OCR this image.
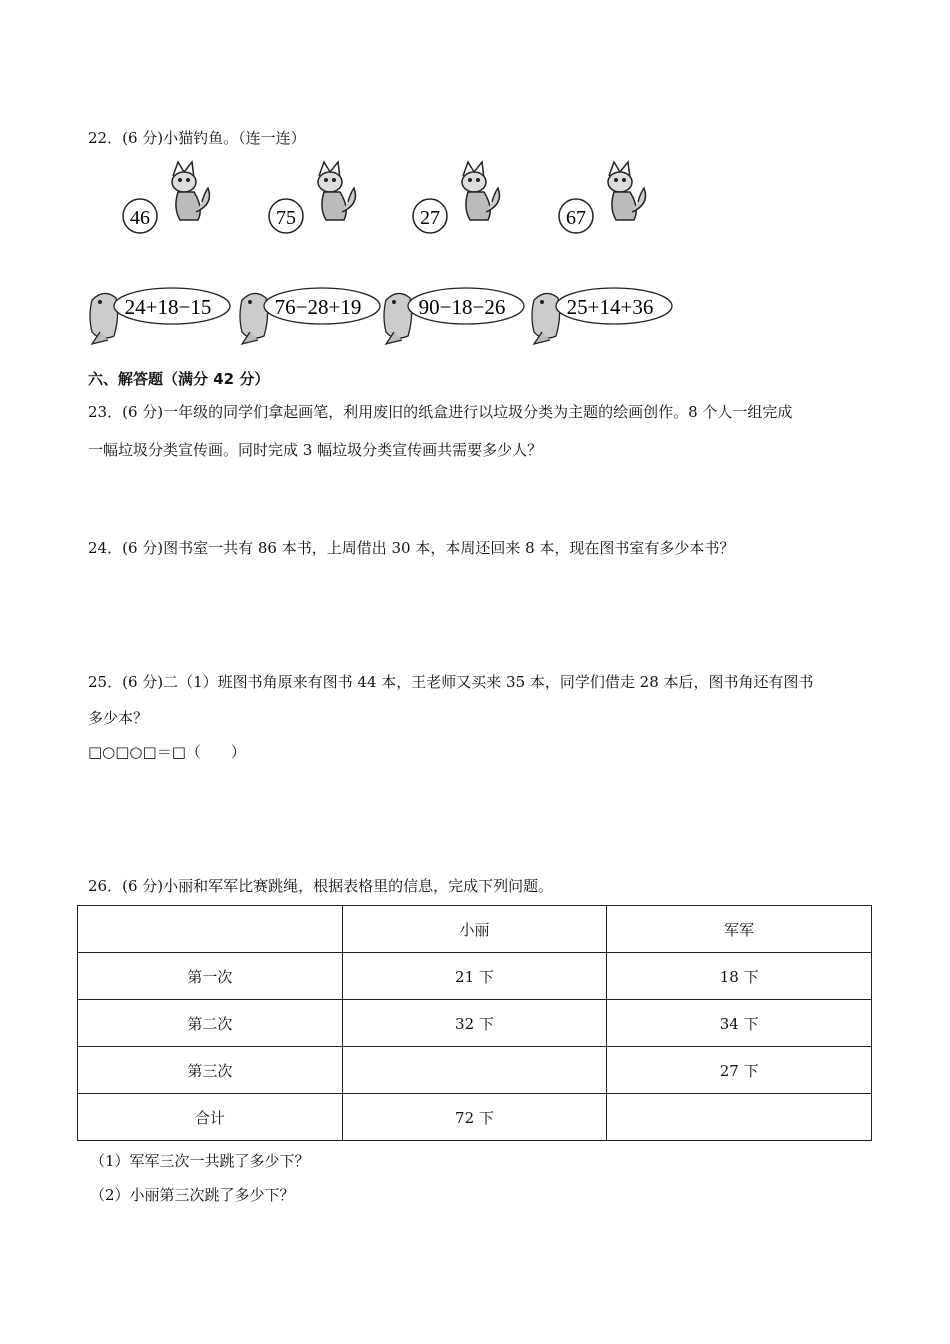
22．(6 分)小猫钓鱼。（连一连）
46	75	27	67
24+18−15	76−28+19	90−18−26	25+14+36
六、解答题（满分 42 分）
23．(6 分)一年级的同学们拿起画笔，利用废旧的纸盒进行以垃圾分类为主题的绘画创作。8 个人一组完成
一幅垃圾分类宣传画。同时完成 3 幅垃圾分类宣传画共需要多少人？
24．(6 分)图书室一共有 86 本书，上周借出 30 本，本周还回来 8 本，现在图书室有多少本书？
25．(6 分)二（1）班图书角原来有图书 44 本，王老师又买来 35 本，同学们借走 28 本后，图书角还有图书
多少本？
□○□○□＝□（　　）
26．(6 分)小丽和军军比赛跳绳，根据表格里的信息，完成下列问题。
	小丽	军军
第一次	21 下	18 下
第二次	32 下	34 下
第三次		27 下
合计	72 下	
（1）军军三次一共跳了多少下？
（2）小丽第三次跳了多少下？
